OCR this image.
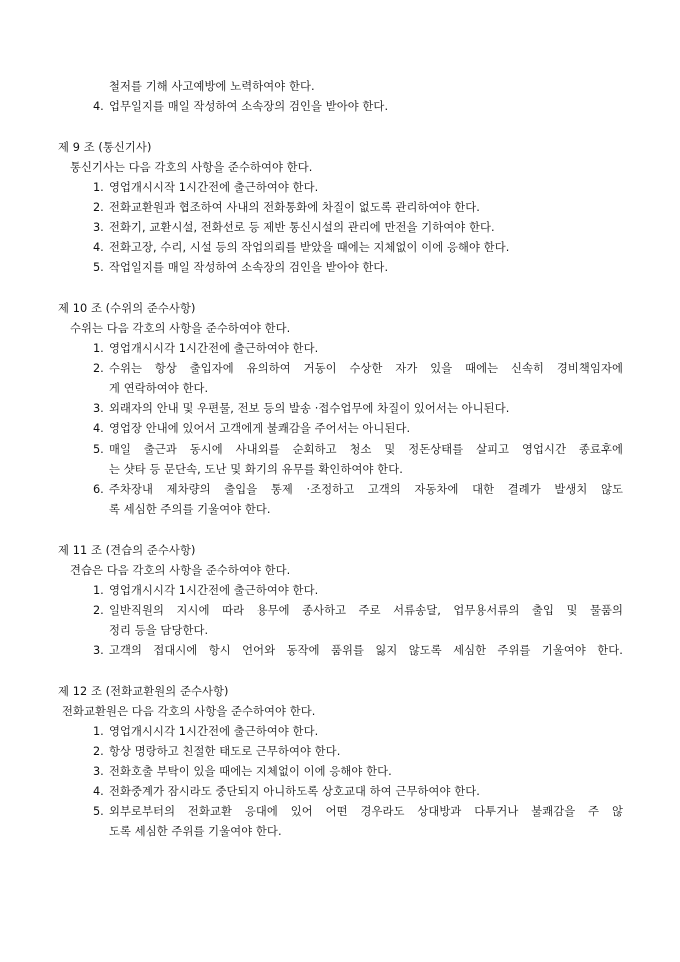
철저를 기해 사고예방에 노력하여야 한다.
4. 업무일지를 매일 작성하여 소속장의 검인을 받아야 한다.
제 9 조 (통신기사)
통신기사는 다음 각호의 사항을 준수하여야 한다.
1. 영업개시시작 1시간전에 출근하여야 한다.
2. 전화교환원과 협조하여 사내의 전화통화에 차질이 없도록 관리하여야 한다.
3. 전화기, 교환시설, 전화선로 등 제반 통신시설의 관리에 만전을 기하여야 한다.
4. 전화고장, 수리, 시설 등의 작업의뢰를 받았을 때에는 지체없이 이에 응해야 한다.
5. 작업일지를 매일 작성하여 소속장의 검인을 받아야 한다.
제 10 조 (수위의 준수사항)
수위는 다음 각호의 사항을 준수하여야 한다.
1. 영업개시시각 1시간전에 출근하여야 한다.
2. 수위는 항상 출입자에 유의하여 거동이 수상한 자가 있을 때에는 신속히 경비책임자에
게 연락하여야 한다.
3. 외래자의 안내 및 우편물, 전보 등의 발송 ·접수업무에 차질이 있어서는 아니된다.
4. 영업장 안내에 있어서 고객에게 불쾌감을 주어서는 아니된다.
5. 매일 출근과 동시에 사내외를 순회하고 청소 및 정돈상태를 살피고 영업시간 종료후에
는 샷타 등 문단속, 도난 및 화기의 유무를 확인하여야 한다.
6. 주차장내 제차량의 출입을 통제 ·조정하고 고객의 자동차에 대한 결례가 발생치 않도
록 세심한 주의를 기울여야 한다.
제 11 조 (견습의 준수사항)
견습은 다음 각호의 사항을 준수하여야 한다.
1. 영업개시시각 1시간전에 출근하여야 한다.
2. 일반직원의 지시에 따라 용무에 종사하고 주로 서류송달, 업무용서류의 출입 및 물품의
정리 등을 담당한다.
3. 고객의 접대시에 항시 언어와 동작에 품위를 잃지 않도록 세심한 주위를 기울여야 한다.
제 12 조 (전화교환원의 준수사항)
전화교환원은 다음 각호의 사항을 준수하여야 한다.
1. 영업개시시각 1시간전에 출근하여야 한다.
2. 항상 명랑하고 친절한 태도로 근무하여야 한다.
3. 전화호출 부탁이 있을 때에는 지체없이 이에 응해야 한다.
4. 전화중계가 잠시라도 중단되지 아니하도록 상호교대 하여 근무하여야 한다.
5. 외부로부터의 전화교환 응대에 있어 어떤 경우라도 상대방과 다투거나 불쾌감을 주 않
도록 세심한 주위를 기울여야 한다.
